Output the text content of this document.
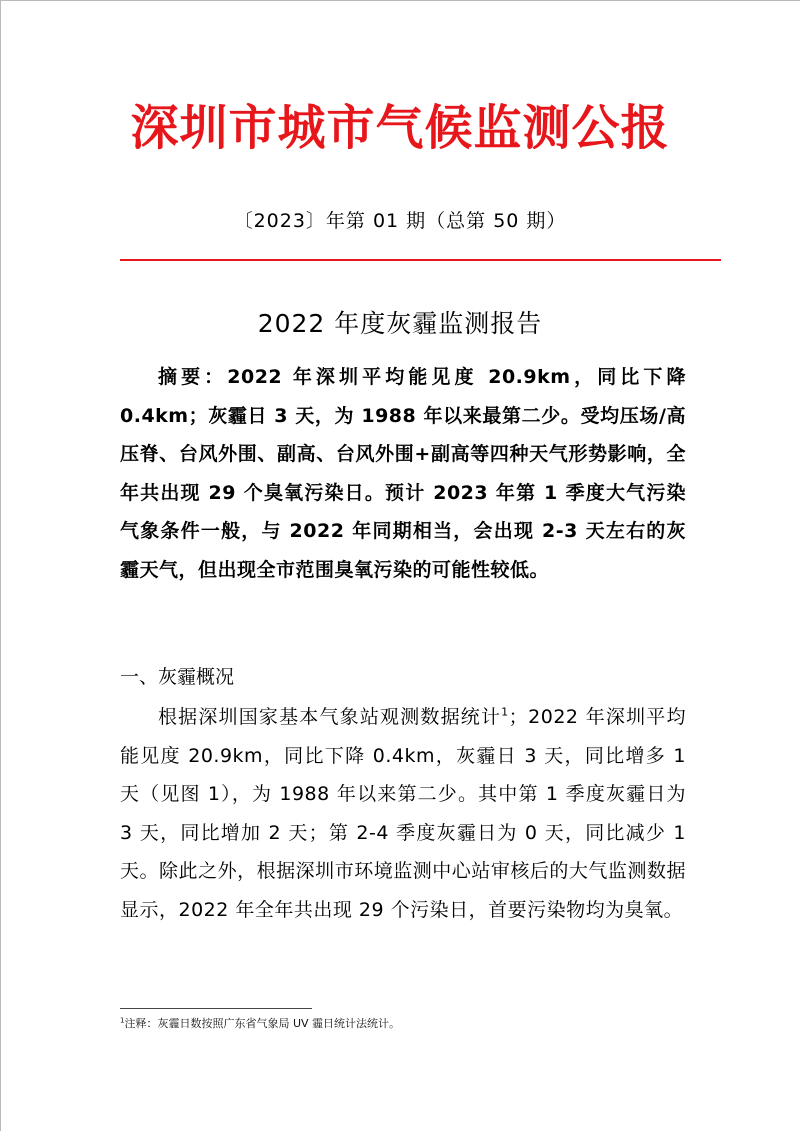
深圳市城市气候监测公报
〔2023〕年第 01 期（总第 50 期）
2022 年度灰霾监测报告

摘要：2022 年深圳平均能见度 20.9km，同比下降 0.4km；灰霾日 3 天，为 1988 年以来最第二少。受均压场/高压脊、台风外围、副高、台风外围+副高等四种天气形势影响，全年共出现 29 个臭氧污染日。预计 2023 年第 1 季度大气污染气象条件一般，与 2022 年同期相当，会出现 2-3 天左右的灰霾天气，但出现全市范围臭氧污染的可能性较低。

一、灰霾概况

根据深圳国家基本气象站观测数据统计$^1$；2022 年深圳平均能见度 20.9km，同比下降 0.4km，灰霾日 3 天，同比增多 1 天（见图 1），为 1988 年以来第二少。其中第 1 季度灰霾日为 3 天，同比增加 2 天；第 2-4 季度灰霾日为 0 天，同比减少 1 天。除此之外，根据深圳市环境监测中心站审核后的大气监测数据显示，2022 年全年共出现 29 个污染日，首要污染物均为臭氧。

$^1$注释：灰霾日数按照广东省气象局 UV 霾日统计法统计。
